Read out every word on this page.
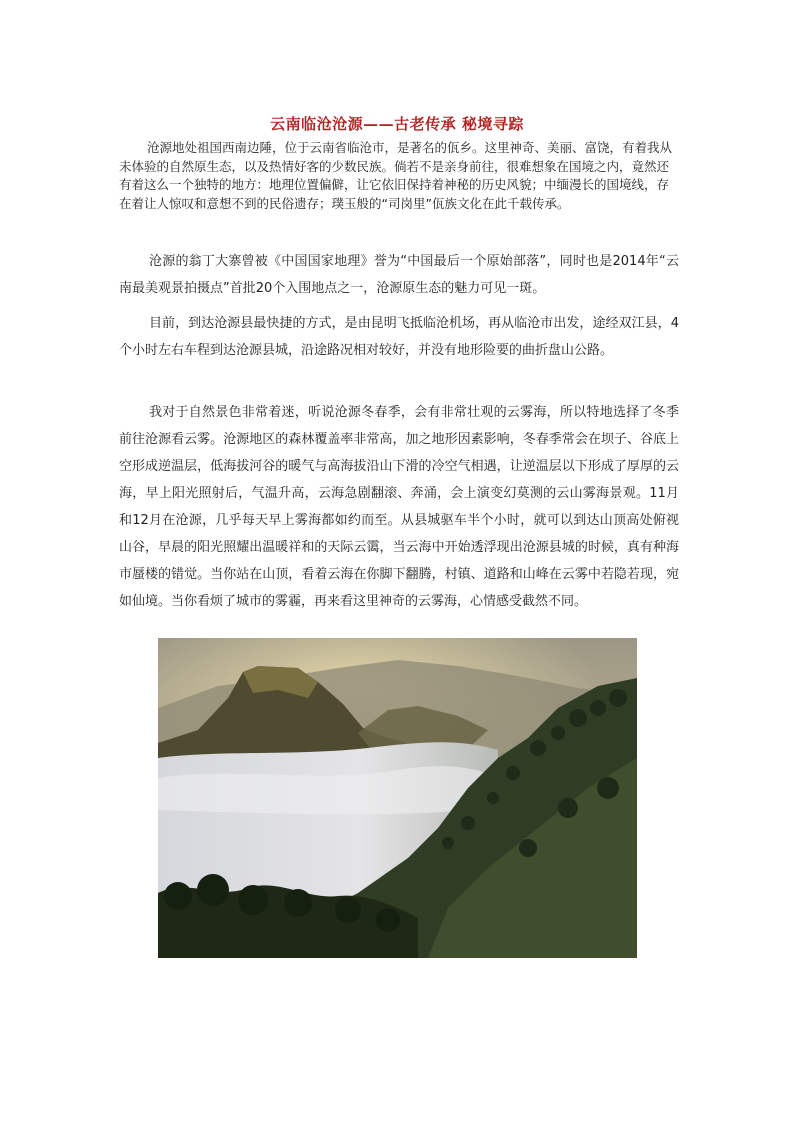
云南临沧沧源——古老传承 秘境寻踪
沧源地处祖国西南边陲，位于云南省临沧市，是著名的佤乡。这里神奇、美丽、富饶，有着我从未体验的自然原生态，以及热情好客的少数民族。倘若不是亲身前往，很难想象在国境之内，竟然还有着这么一个独特的地方：地理位置偏僻，让它依旧保持着神秘的历史风貌；中缅漫长的国境线，存在着让人惊叹和意想不到的民俗遗存；璞玉般的“司岗里”佤族文化在此千载传承。
沧源的翁丁大寨曾被《中国国家地理》誉为“中国最后一个原始部落”，同时也是2014年“云南最美观景拍摄点”首批20个入围地点之一，沧源原生态的魅力可见一斑。
目前，到达沧源县最快捷的方式，是由昆明飞抵临沧机场，再从临沧市出发，途经双江县，4个小时左右车程到达沧源县城，沿途路况相对较好，并没有地形险要的曲折盘山公路。
我对于自然景色非常着迷，听说沧源冬春季，会有非常壮观的云雾海，所以特地选择了冬季前往沧源看云雾。沧源地区的森林覆盖率非常高，加之地形因素影响，冬春季常会在坝子、谷底上空形成逆温层，低海拔河谷的暖气与高海拔沿山下滑的冷空气相遇，让逆温层以下形成了厚厚的云海，早上阳光照射后，气温升高，云海急剧翻滚、奔涌，会上演变幻莫测的云山雾海景观。11月和12月在沧源，几乎每天早上雾海都如约而至。从县城驱车半个小时，就可以到达山顶高处俯视山谷，早晨的阳光照耀出温暖祥和的天际云霭，当云海中开始透浮现出沧源县城的时候，真有种海市蜃楼的错觉。当你站在山顶，看着云海在你脚下翻腾，村镇、道路和山峰在云雾中若隐若现，宛如仙境。当你看烦了城市的雾霾，再来看这里神奇的云雾海，心情感受截然不同。
